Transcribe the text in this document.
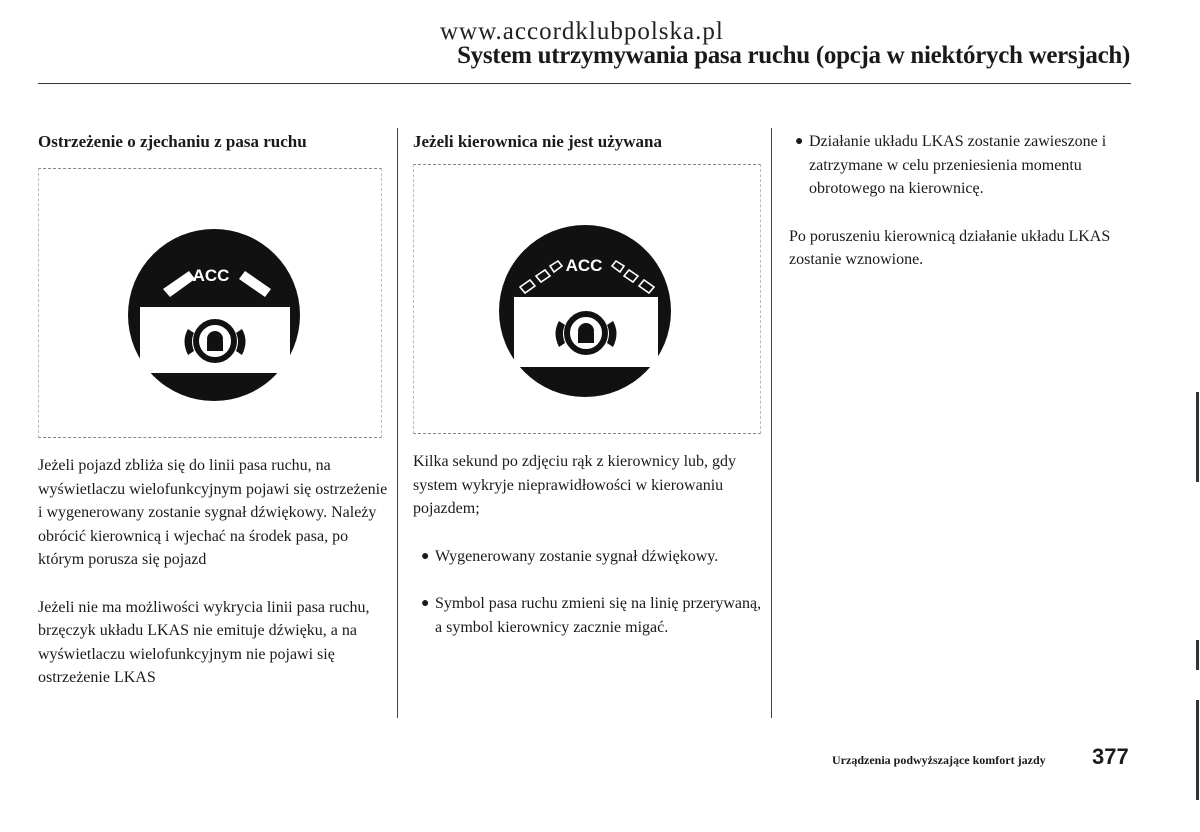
www.accordklubpolska.pl
System utrzymywania pasa ruchu (opcja w niektórych wersjach)
Ostrzeżenie o zjechaniu z pasa ruchu
ACC

Jeżeli pojazd zbliża się do linii pasa ruchu, na wyświetlaczu wielofunkcyjnym pojawi się ostrzeżenie i wygenerowany zostanie sygnał dźwiękowy. Należy obrócić kierownicą i wjechać na środek pasa, po którym porusza się pojazd

Jeżeli nie ma możliwości wykrycia linii pasa ruchu, brzęczyk układu LKAS nie emituje dźwięku, a na wyświetlaczu wielofunkcyjnym nie pojawi się ostrzeżenie LKAS

Jeżeli kierownica nie jest używana
ACC

Kilka sekund po zdjęciu rąk z kierownicy lub, gdy system wykryje nieprawidłowości w kierowaniu pojazdem;

● Wygenerowany zostanie sygnał dźwiękowy.
● Symbol pasa ruchu zmieni się na linię przerywaną, a symbol kierownicy zacznie migać.
● Działanie układu LKAS zostanie zawieszone i zatrzymane w celu przeniesienia momentu obrotowego na kierownicę.

Po poruszeniu kierownicą działanie układu LKAS zostanie wznowione.

Urządzenia podwyższające komfort jazdy 377
